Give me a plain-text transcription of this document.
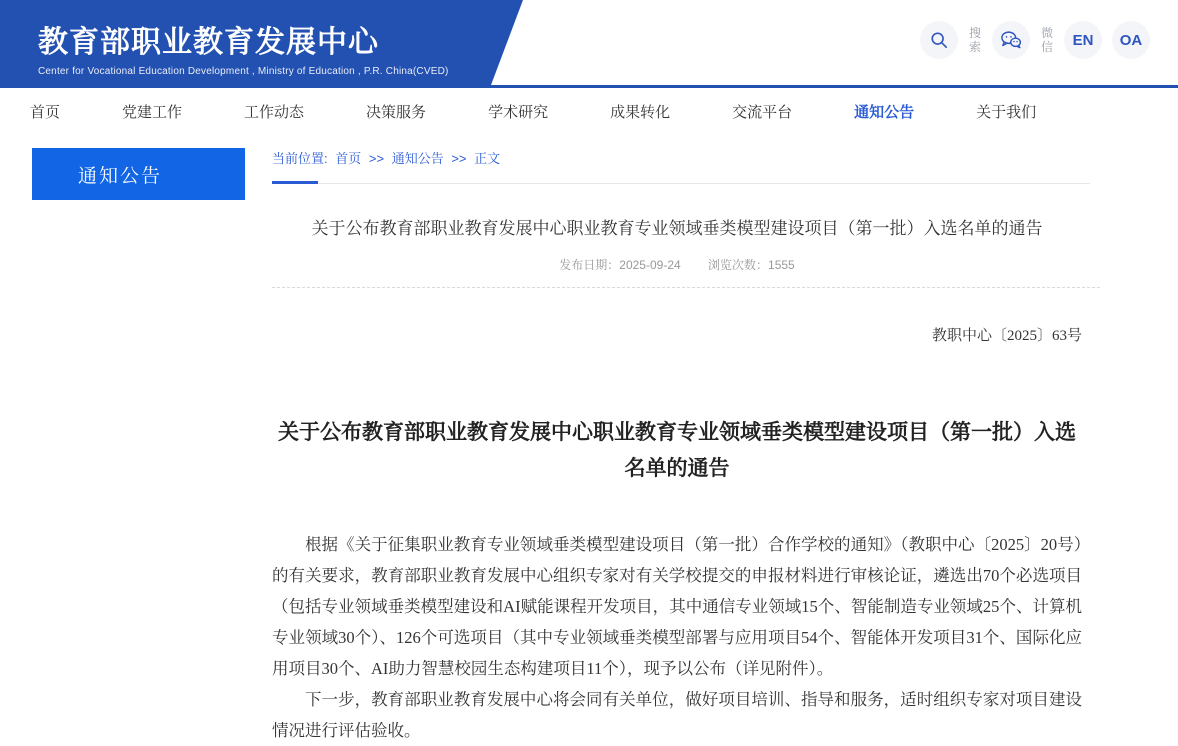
教育部职业教育发展中心
Center for Vocational Education Development , Ministry of Education , P.R. China(CVED)
搜索
微信	EN	OA
首页	党建工作	工作动态	决策服务	学术研究	成果转化	交流平台	通知公告	关于我们
通知公告
当前位置: 首页 >> 通知公告 >> 正文
关于公布教育部职业教育发展中心职业教育专业领域垂类模型建设项目（第一批）入选名单的通告
发布日期：2025-09-24 浏览次数：1555
教职中心〔2025〕63号
关于公布教育部职业教育发展中心职业教育专业领域垂类模型建设项目（第一批）入选名单的通告

根据《关于征集职业教育专业领域垂类模型建设项目（第一批）合作学校的通知》（教职中心〔2025〕20号）的有关要求，教育部职业教育发展中心组织专家对有关学校提交的申报材料进行审核论证，遴选出70个必选项目（包括专业领域垂类模型建设和AI赋能课程开发项目，其中通信专业领域15个、智能制造专业领域25个、计算机专业领域30个）、126个可选项目（其中专业领域垂类模型部署与应用项目54个、智能体开发项目31个、国际化应用项目30个、AI助力智慧校园生态构建项目11个），现予以公布（详见附件）。

下一步，教育部职业教育发展中心将会同有关单位，做好项目培训、指导和服务，适时组织专家对项目建设情况进行评估验收。
